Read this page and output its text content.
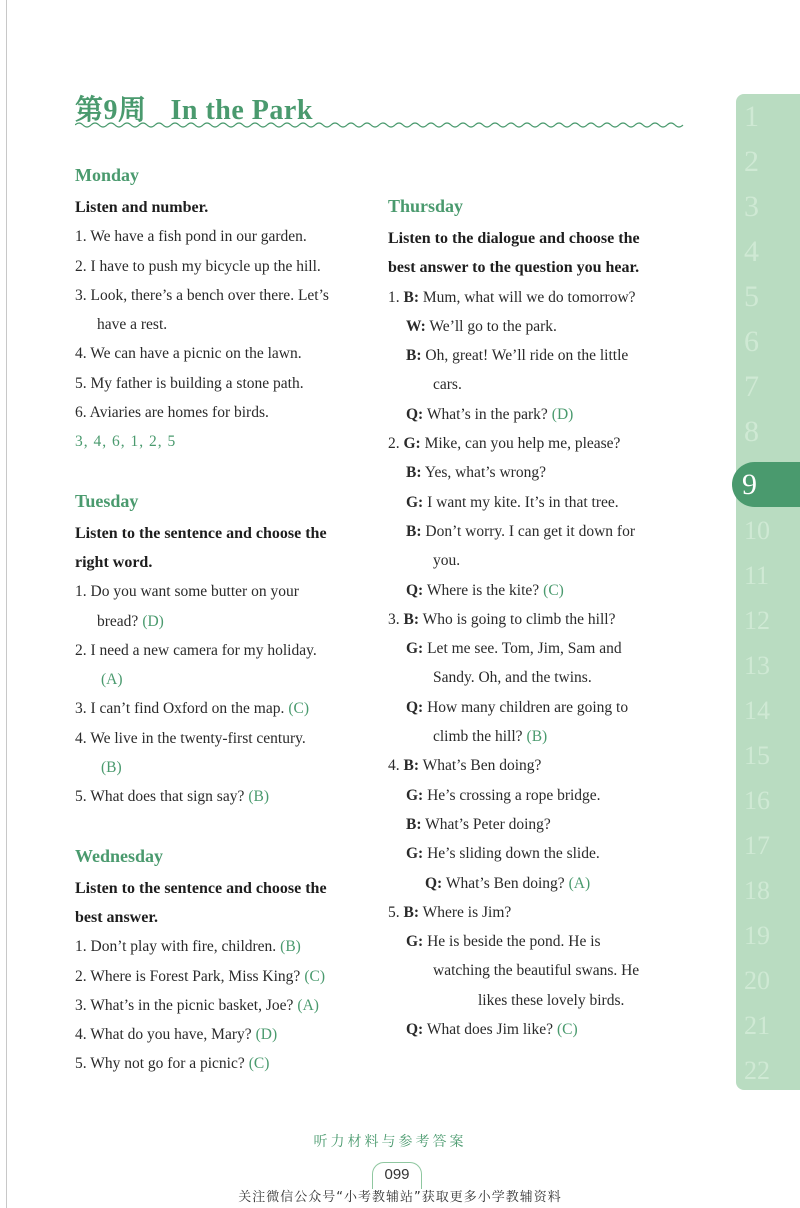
第9周 In the Park
Monday
Listen and number.
1. We have a fish pond in our garden.
2. I have to push my bicycle up the hill.
3. Look, there’s a bench over there. Let’s
have a rest.
4. We can have a picnic on the lawn.
5. My father is building a stone path.
6. Aviaries are homes for birds.
3, 4, 6, 1, 2, 5
Tuesday
Listen to the sentence and choose the
right word.
1. Do you want some butter on your
bread? (D)
2. I need a new camera for my holiday.
(A)
3. I can’t find Oxford on the map. (C)
4. We live in the twenty-first century.
(B)
5. What does that sign say? (B)
Wednesday
Listen to the sentence and choose the
best answer.
1. Don’t play with fire, children. (B)
2. Where is Forest Park, Miss King? (C)
3. What’s in the picnic basket, Joe? (A)
4. What do you have, Mary? (D)
5. Why not go for a picnic? (C)
Thursday
Listen to the dialogue and choose the
best answer to the question you hear.
1. B: Mum, what will we do tomorrow?
W: We’ll go to the park.
B: Oh, great! We’ll ride on the little
cars.
Q: What’s in the park? (D)
2. G: Mike, can you help me, please?
B: Yes, what’s wrong?
G: I want my kite. It’s in that tree.
B: Don’t worry. I can get it down for
you.
Q: Where is the kite? (C)
3. B: Who is going to climb the hill?
G: Let me see. Tom, Jim, Sam and
Sandy. Oh, and the twins.
Q: How many children are going to
climb the hill? (B)
4. B: What’s Ben doing?
G: He’s crossing a rope bridge.
B: What’s Peter doing?
G: He’s sliding down the slide.
Q: What’s Ben doing? (A)
5. B: Where is Jim?
G: He is beside the pond. He is
watching the beautiful swans. He
likes these lovely birds.
Q: What does Jim like? (C)
1
2
3
4
5
6
7
8
9
10
11
12
13
14
15
16
17
18
19
20
21
22
听力材料与参考答案
099
关注微信公众号“小考教辅站”获取更多小学教辅资料
